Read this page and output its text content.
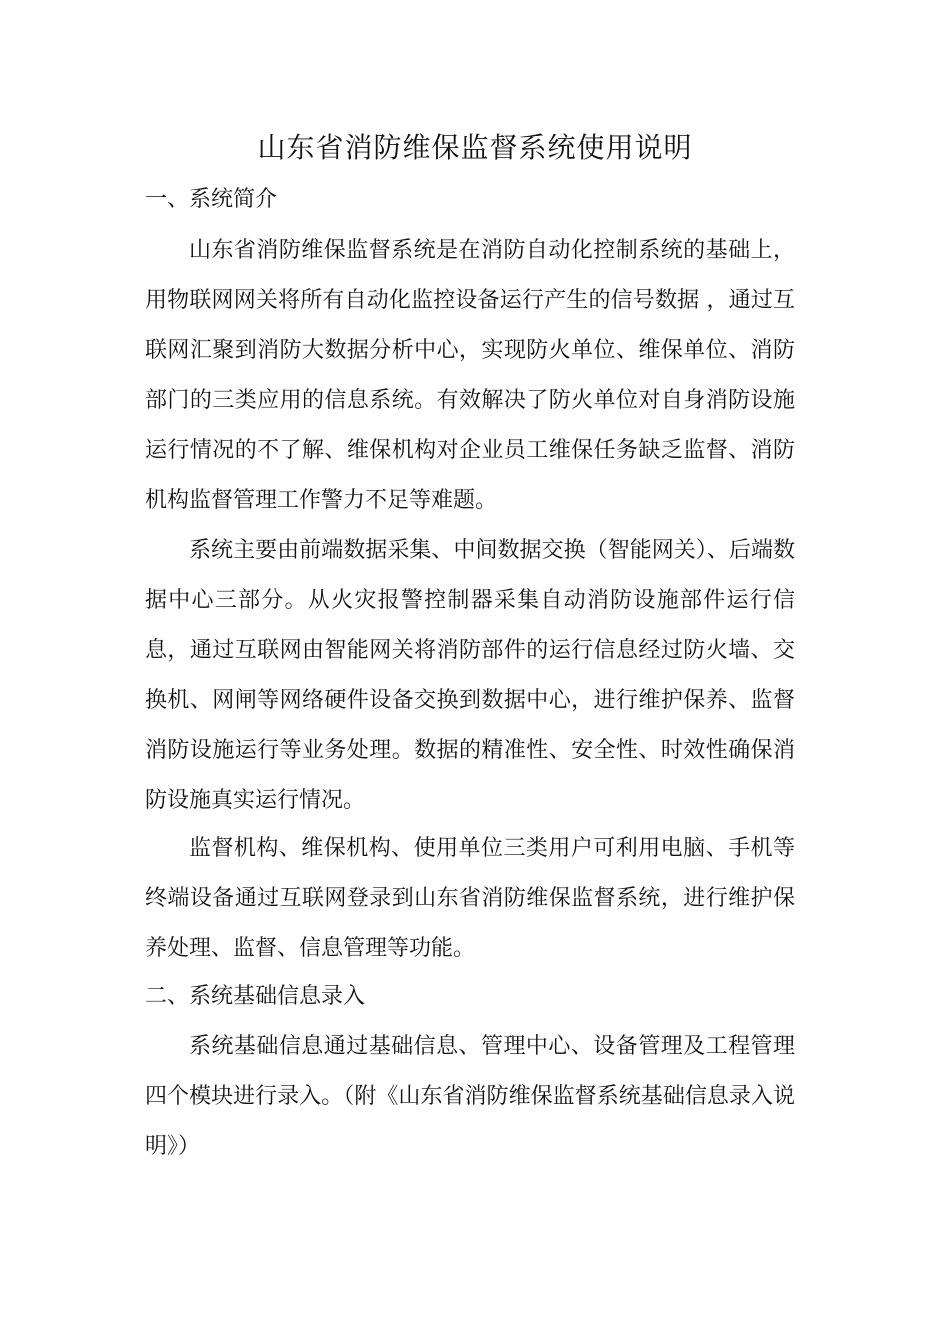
山东省消防维保监督系统使用说明
一、系统简介

山东省消防维保监督系统是在消防自动化控制系统的基础上，用物联网网关将所有自动化监控设备运行产生的信号数据 ，通过互联网汇聚到消防大数据分析中心，实现防火单位、维保单位、消防部门的三类应用的信息系统。有效解决了防火单位对自身消防设施运行情况的不了解、维保机构对企业员工维保任务缺乏监督、消防机构监督管理工作警力不足等难题。

系统主要由前端数据采集、中间数据交换（智能网关）、后端数据中心三部分。从火灾报警控制器采集自动消防设施部件运行信息，通过互联网由智能网关将消防部件的运行信息经过防火墙、交换机、网闸等网络硬件设备交换到数据中心，进行维护保养、监督消防设施运行等业务处理。数据的精准性、安全性、时效性确保消防设施真实运行情况。

监督机构、维保机构、使用单位三类用户可利用电脑、手机等终端设备通过互联网登录到山东省消防维保监督系统，进行维护保养处理、监督、信息管理等功能。

二、系统基础信息录入

系统基础信息通过基础信息、管理中心、设备管理及工程管理四个模块进行录入。（附《山东省消防维保监督系统基础信息录入说明》）
